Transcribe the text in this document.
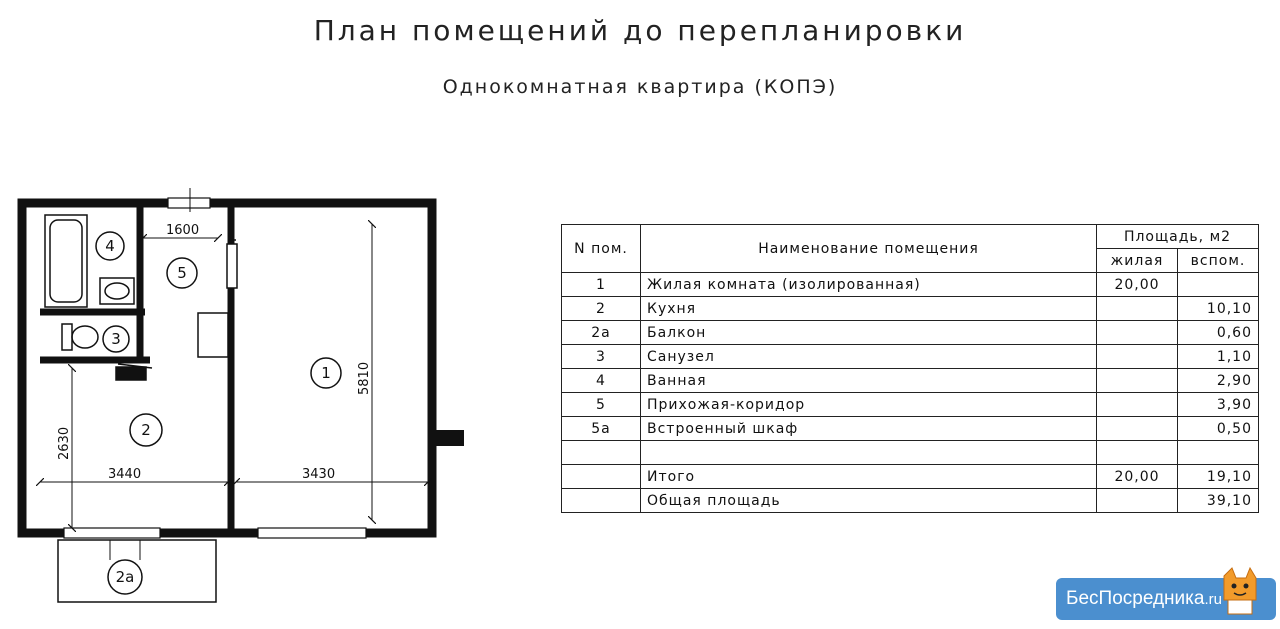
План помещений до перепланировки
Однокомнатная квартира (КОПЭ)
4
5
3
1
2
2а
1600
5810
2630
3440	3430
N пом.	Наименование помещения	Площадь, м2	
		жилая	вспом.
1	Жилая комната (изолированная)	20,00	
2	Кухня		10,10
2а	Балкон		0,60
3	Санузел		1,10
4	Ванная		2,90
5	Прихожая-коридор		3,90
5а	Встроенный шкаф		0,50

	Итого	20,00	19,10
	Общая площадь		39,10
БесПосредника.ru
